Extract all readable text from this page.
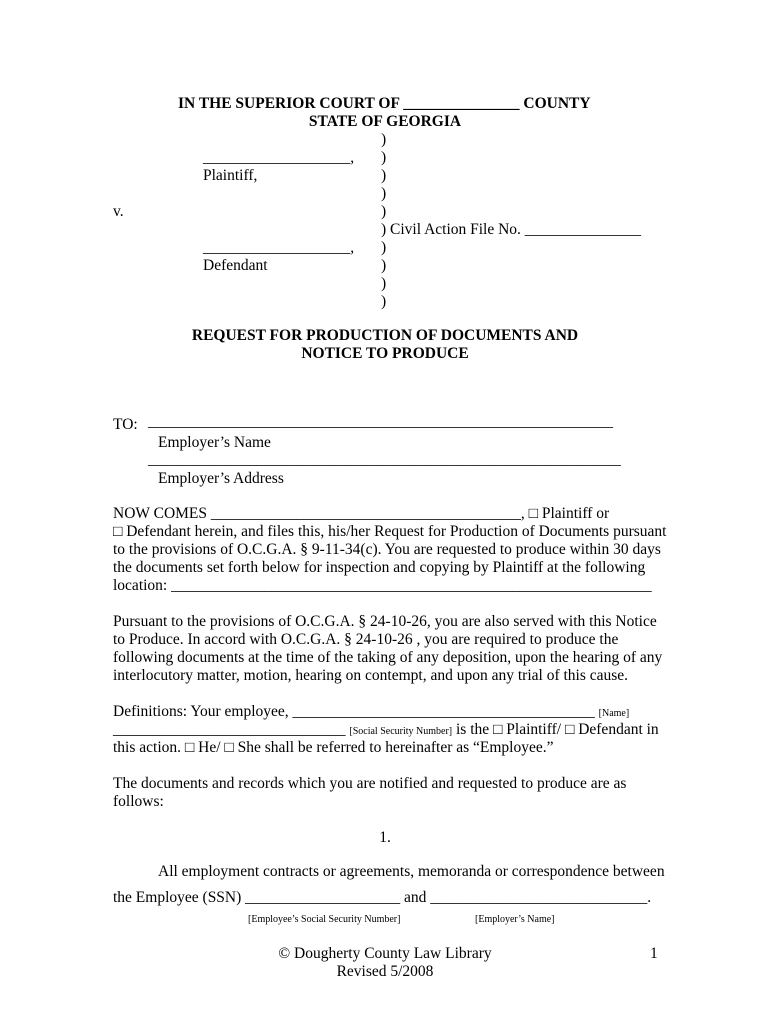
IN THE SUPERIOR COURT OF _______________ COUNTY
STATE OF GEORGIA
)
)
)
)
)
) Civil Action File No. _______________
)
)
)
)
___________________,
Plaintiff,
v.
___________________,
Defendant
REQUEST FOR PRODUCTION OF DOCUMENTS AND
NOTICE TO PRODUCE
TO: ____________________________________________________________
Employer’s Name
_____________________________________________________________
Employer’s Address
NOW COMES ________________________________________, □ Plaintiff or
□ Defendant herein, and files this, his/her Request for Production of Documents pursuant
to the provisions of O.C.G.A. § 9-11-34(c). You are requested to produce within 30 days
the documents set forth below for inspection and copying by Plaintiff at the following
location: ______________________________________________________________
Pursuant to the provisions of O.C.G.A. § 24-10-26, you are also served with this Notice
to Produce. In accord with O.C.G.A. § 24-10-26 , you are required to produce the
following documents at the time of the taking of any deposition, upon the hearing of any
interlocutory matter, motion, hearing on contempt, and upon any trial of this cause.
Definitions: Your employee, _______________________________________ [Name]
______________________________ [Social Security Number] is the □ Plaintiff/ □ Defendant in
this action. □ He/ □ She shall be referred to hereinafter as “Employee.”
The documents and records which you are notified and requested to produce are as
follows:
1.
All employment contracts or agreements, memoranda or correspondence between
the Employee (SSN) ____________________ and ____________________________.
[Employee’s Social Security Number]	[Employer’s Name]
© Dougherty County Law Library
Revised 5/2008
1
